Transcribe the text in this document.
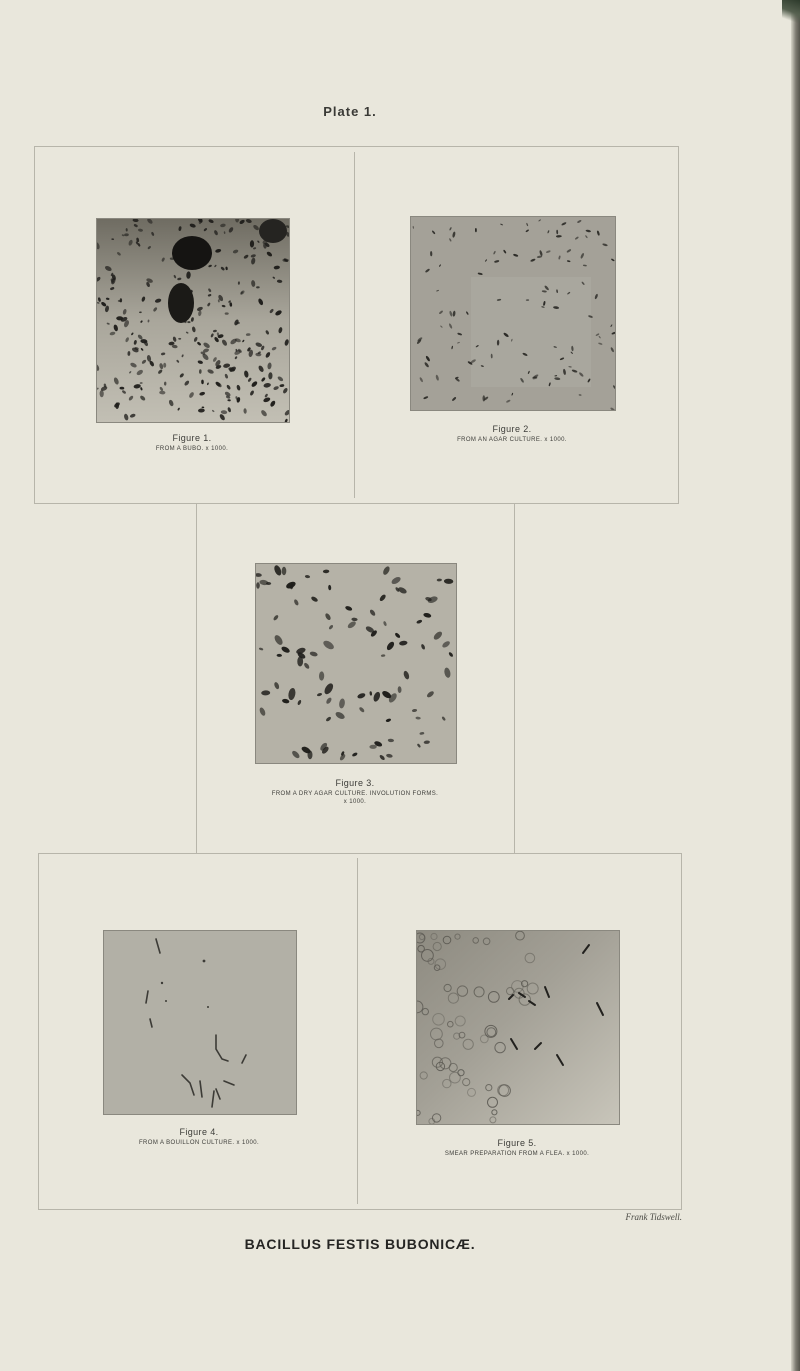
Plate 1.
Figure 1.
FROM A BUBO. x 1000.
Figure 2.
FROM AN AGAR CULTURE. x 1000.
Figure 3.
FROM A DRY AGAR CULTURE. INVOLUTION FORMS.
x 1000.
Figure 4.
FROM A BOUILLON CULTURE. x 1000.	Figure 5.
SMEAR PREPARATION FROM A FLEA. x 1000.
Frank Tidswell.
BACILLUS FESTIS BUBONICÆ.
